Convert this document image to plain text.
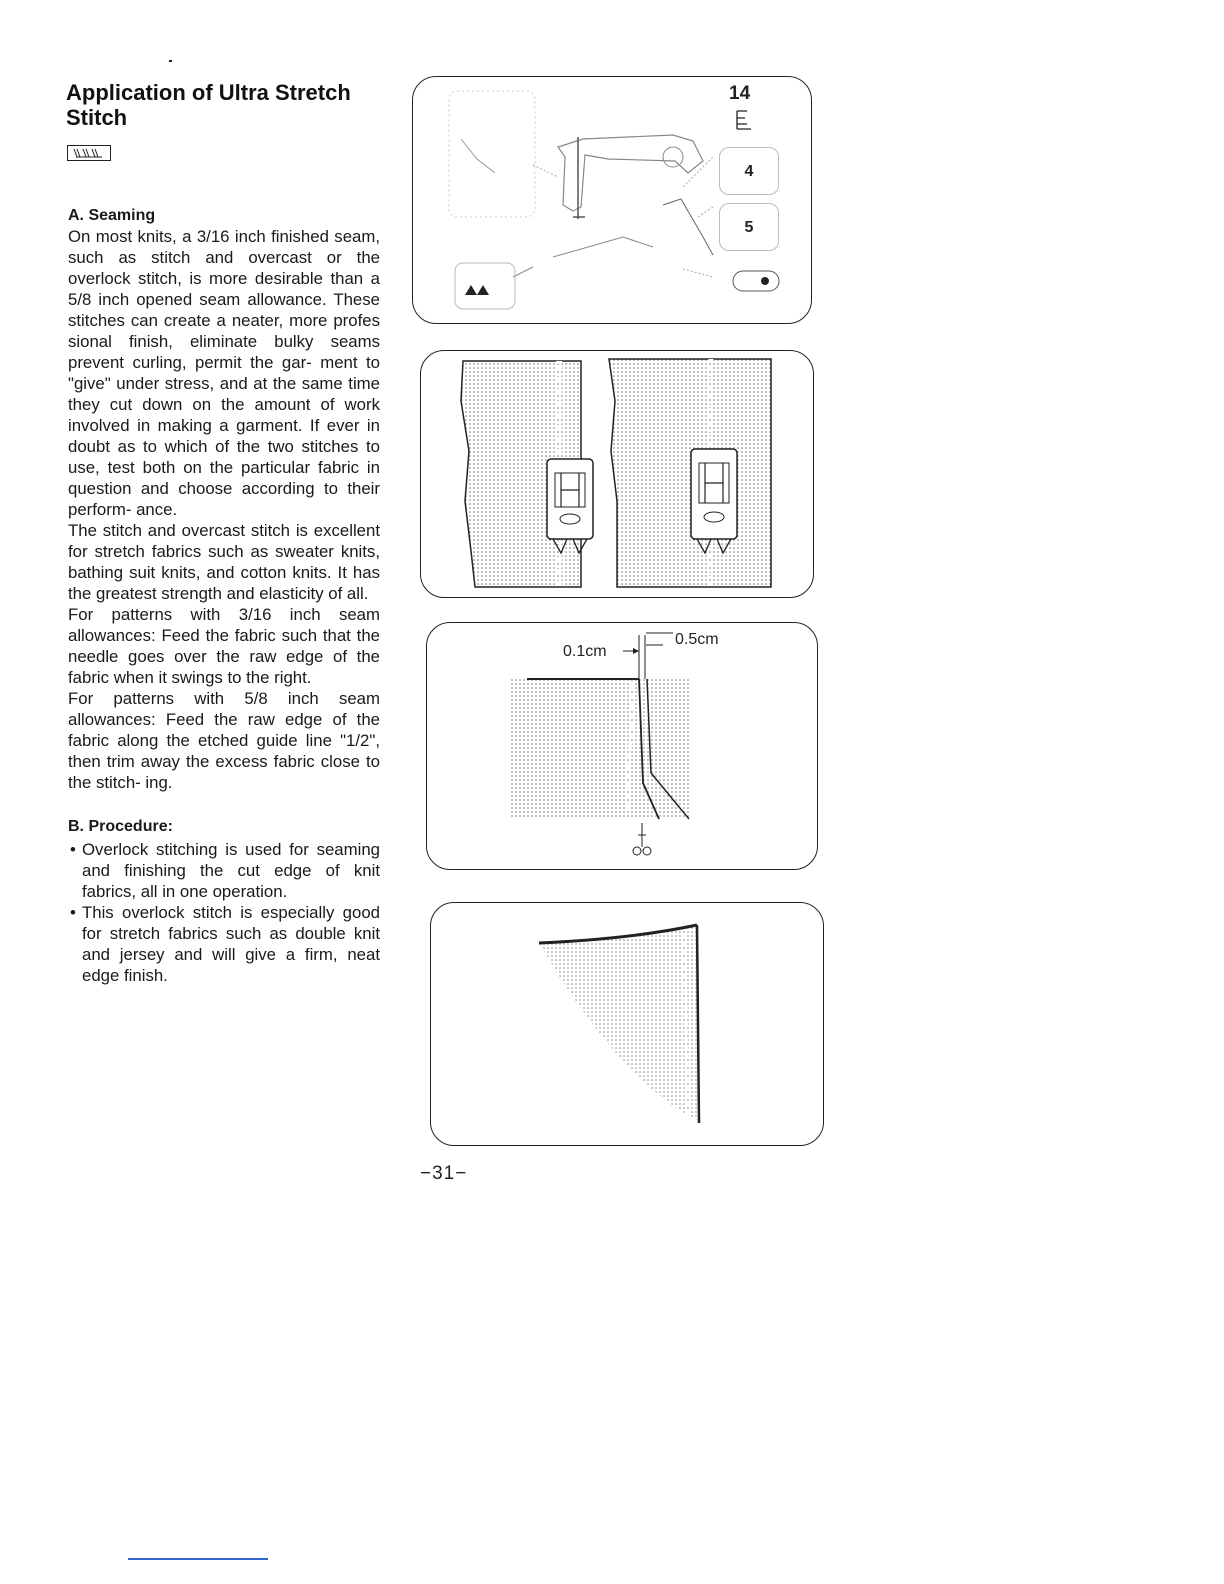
Application of Ultra Stretch Stitch
A. Seaming

On most knits, a 3/16 inch finished seam, such as stitch and overcast or the overlock stitch, is more desirable than a 5/8 inch opened seam allowance. These stitches can create a neater, more profes sional finish, eliminate bulky seams prevent curling, permit the gar- ment to "give" under stress, and at the same time they cut down on the amount of work involved in making a garment. If ever in doubt as to which of the two stitches to use, test both on the particular fabric in question and choose according to their perform- ance.

The stitch and overcast stitch is excellent for stretch fabrics such as sweater knits, bathing suit knits, and cotton knits. It has the greatest strength and elasticity of all.

For patterns with 3/16 inch seam allowances: Feed the fabric such that the needle goes over the raw edge of the fabric when it swings to the right.

For patterns with 5/8 inch seam allowances: Feed the raw edge of the fabric along the etched guide line "1/2", then trim away the excess fabric close to the stitch- ing.

B. Procedure:
• Overlock stitching is used for seaming and finishing the cut edge of knit fabrics, all in one operation.
• This overlock stitch is especially good for stretch fabrics such as double knit and jersey and will give a firm, neat edge finish.
14
4
5
0.1cm
0.5cm
−31−
